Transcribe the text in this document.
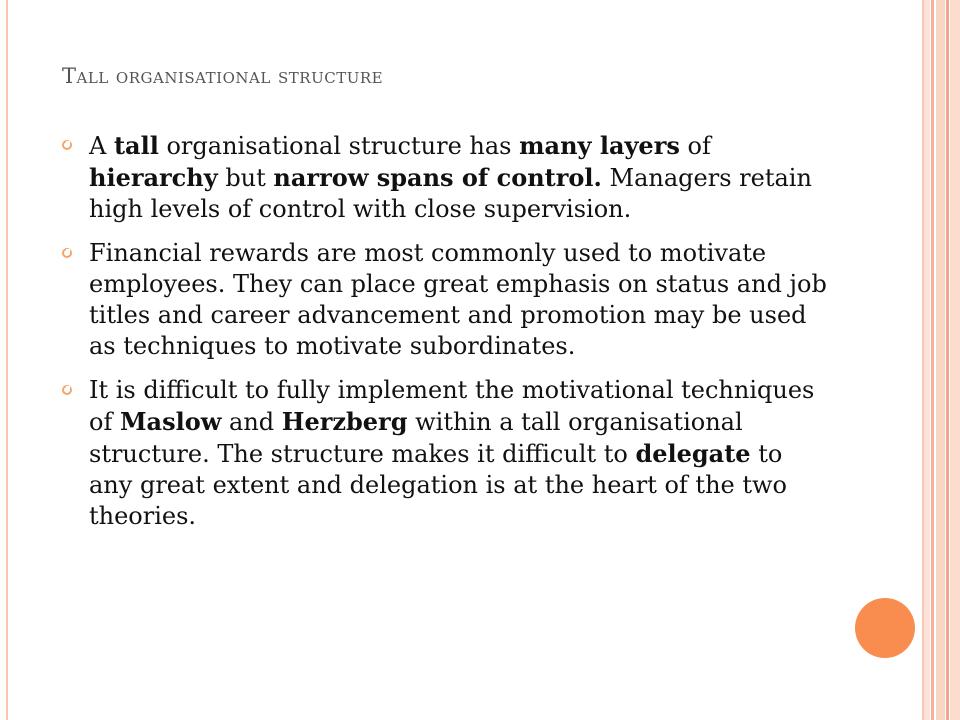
Tall organisational structure
A tall organisational structure has many layers of hierarchy but narrow spans of control. Managers retain high levels of control with close supervision.
Financial rewards are most commonly used to motivate employees. They can place great emphasis on status and job titles and career advancement and promotion may be used as techniques to motivate subordinates.
It is difficult to fully implement the motivational techniques of Maslow and Herzberg within a tall organisational structure. The structure makes it difficult to delegate to any great extent and delegation is at the heart of the two theories.
